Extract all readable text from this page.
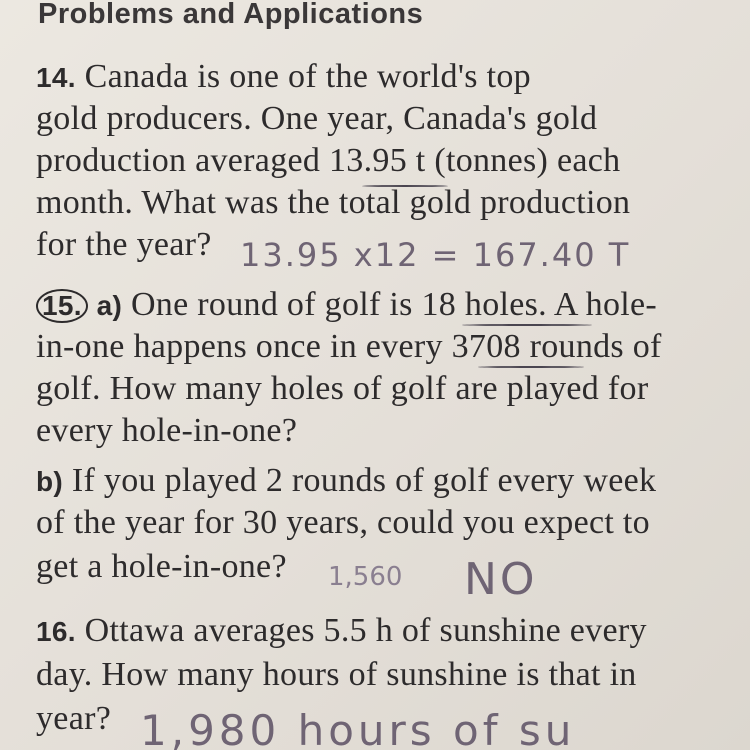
Problems and Applications
14. Canada is one of the world's top
gold producers. One year, Canada's gold
production averaged 13.95 t (tonnes) each
month. What was the total gold production
for the year? 13.95 x12 = 167.40 T
15. a) One round of golf is 18 holes. A hole-
in-one happens once in every 3708 rounds of
golf. How many holes of golf are played for
every hole-in-one?
b) If you played 2 rounds of golf every week
of the year for 30 years, could you expect to
get a hole-in-one? 1,560 NO
16. Ottawa averages 5.5 h of sunshine every
day. How many hours of sunshine is that in
year? 1,980 hours of su
